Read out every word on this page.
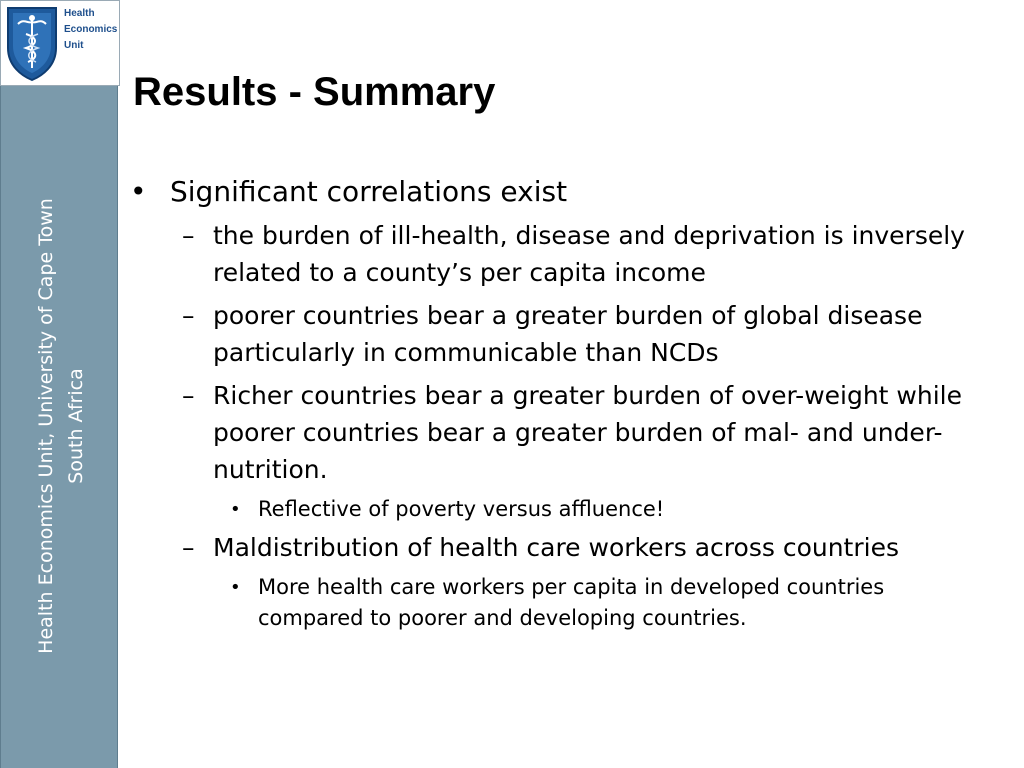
Health
Economics
Unit
Health Economics Unit, University of Cape Town South Africa
Results - Summary
• Significant correlations exist
– the burden of ill-health, disease and deprivation is inversely related to a county’s per capita income
– poorer countries bear a greater burden of global disease particularly in communicable than NCDs
– Richer countries bear a greater burden of over-weight while poorer countries bear a greater burden of mal- and under-nutrition.
• Reflective of poverty versus affluence!
– Maldistribution of health care workers across countries
• More health care workers per capita in developed countries compared to poorer and developing countries.
